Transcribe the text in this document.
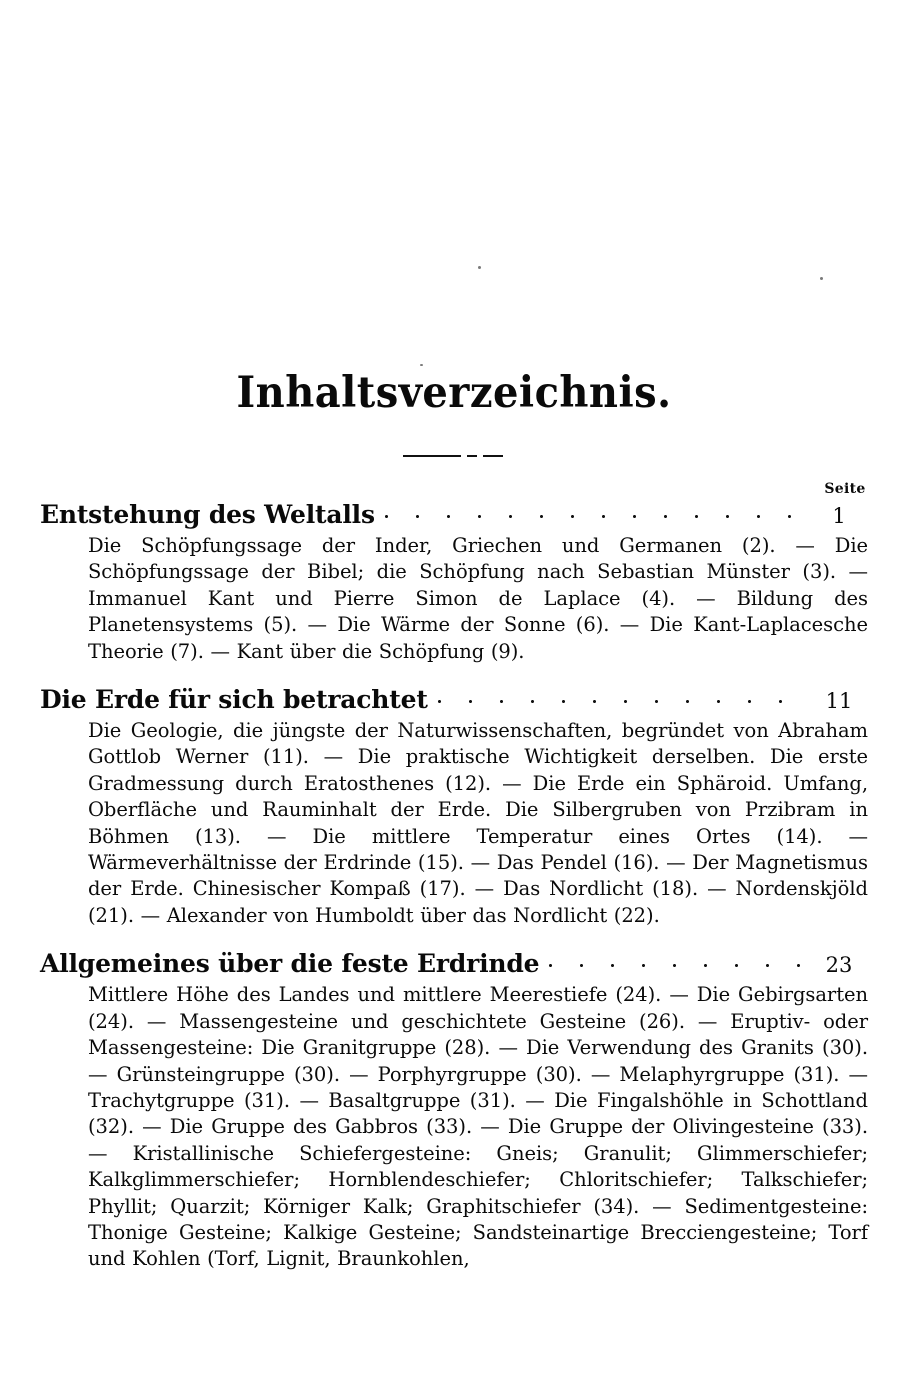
Inhaltsverzeichnis.
Seite
Entstehung des Weltalls	1
Die Schöpfungssage der Inder, Griechen und Germanen (2). — Die Schöpfungssage der Bibel; die Schöpfung nach Sebastian Münster (3). — Immanuel Kant und Pierre Simon de Laplace (4). — Bildung des Planetensystems (5). — Die Wärme der Sonne (6). — Die Kant-Laplacesche Theorie (7). — Kant über die Schöpfung (9).
Die Erde für sich betrachtet	11
Die Geologie, die jüngste der Naturwissenschaften, begründet von Abraham Gottlob Werner (11). — Die praktische Wichtigkeit derselben. Die erste Gradmessung durch Eratosthenes (12). — Die Erde ein Sphäroid. Umfang, Oberfläche und Rauminhalt der Erde. Die Silbergruben von Przibram in Böhmen (13). — Die mittlere Temperatur eines Ortes (14). — Wärmeverhältnisse der Erdrinde (15). — Das Pendel (16). — Der Magnetismus der Erde. Chinesischer Kompaß (17). — Das Nordlicht (18). — Nordenskjöld (21). — Alexander von Humboldt über das Nordlicht (22).
Allgemeines über die feste Erdrinde	23
Mittlere Höhe des Landes und mittlere Meerestiefe (24). — Die Gebirgsarten (24). — Massengesteine und geschichtete Gesteine (26). — Eruptiv- oder Massengesteine: Die Granitgruppe (28). — Die Verwendung des Granits (30). — Grünsteingruppe (30). — Porphyrgruppe (30). — Melaphyrgruppe (31). — Trachytgruppe (31). — Basaltgruppe (31). — Die Fingalshöhle in Schottland (32). — Die Gruppe des Gabbros (33). — Die Gruppe der Olivingesteine (33). — Kristallinische Schiefergesteine: Gneis; Granulit; Glimmerschiefer; Kalkglimmerschiefer; Hornblendeschiefer; Chloritschiefer; Talkschiefer; Phyllit; Quarzit; Körniger Kalk; Graphitschiefer (34). — Sedimentgesteine: Thonige Gesteine; Kalkige Gesteine; Sandsteinartige Brecciengesteine; Torf und Kohlen (Torf, Lignit, Braunkohlen,
